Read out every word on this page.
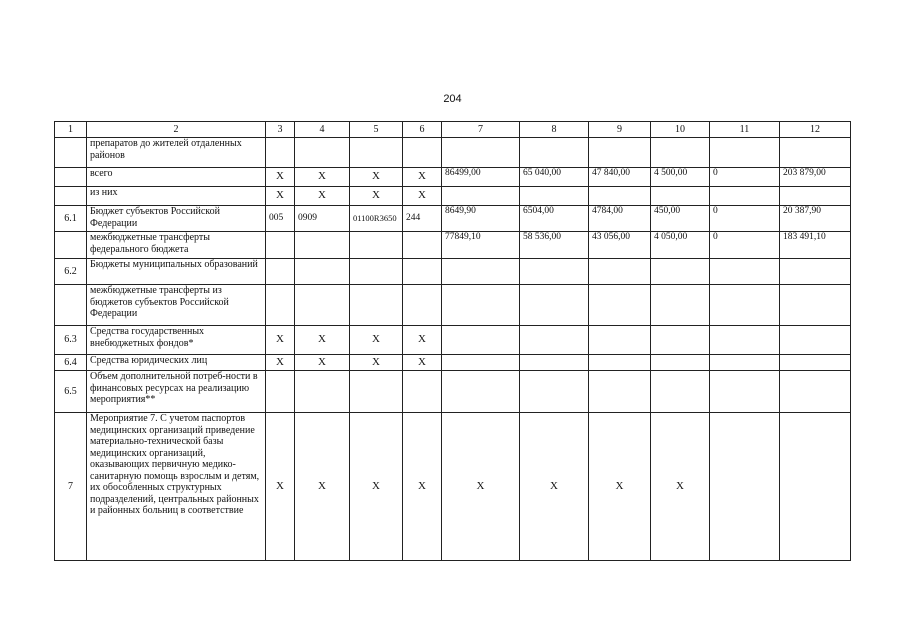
204
1	2	3	4	5	6	7	8	9	10	11	12
	препаратов до жителей отдаленных районов										
	всего	Х	Х	Х	Х	86499,00	65 040,00	47 840,00	4 500,00	0	203 879,00
	из них	Х	Х	Х	Х						
6.1	Бюджет субъектов Российской Федерации	005	0909	01100R3650	244	8649,90	6504,00	4784,00	450,00	0	20 387,90
	межбюджетные трансферты федерального бюджета					77849,10	58 536,00	43 056,00	4 050,00	0	183 491,10
6.2	Бюджеты муниципальных образований										
	межбюджетные трансферты из бюджетов субъектов Российской Федерации										
6.3	Средства государственных внебюджетных фондов*	Х	Х	Х	Х						
6.4	Средства юридических лиц	Х	Х	Х	Х						
6.5	Объем дополнительной потреб-ности в финансовых ресурсах на реализацию мероприятия**										
7	Мероприятие 7. С учетом паспортов медицинских организаций приведение материально-технической базы медицинских организаций, оказывающих первичную медико-санитарную помощь взрослым и детям, их обособленных структурных подразделений, центральных районных и районных больниц в соответствие	Х	Х	Х	Х	Х	Х	Х	Х		
